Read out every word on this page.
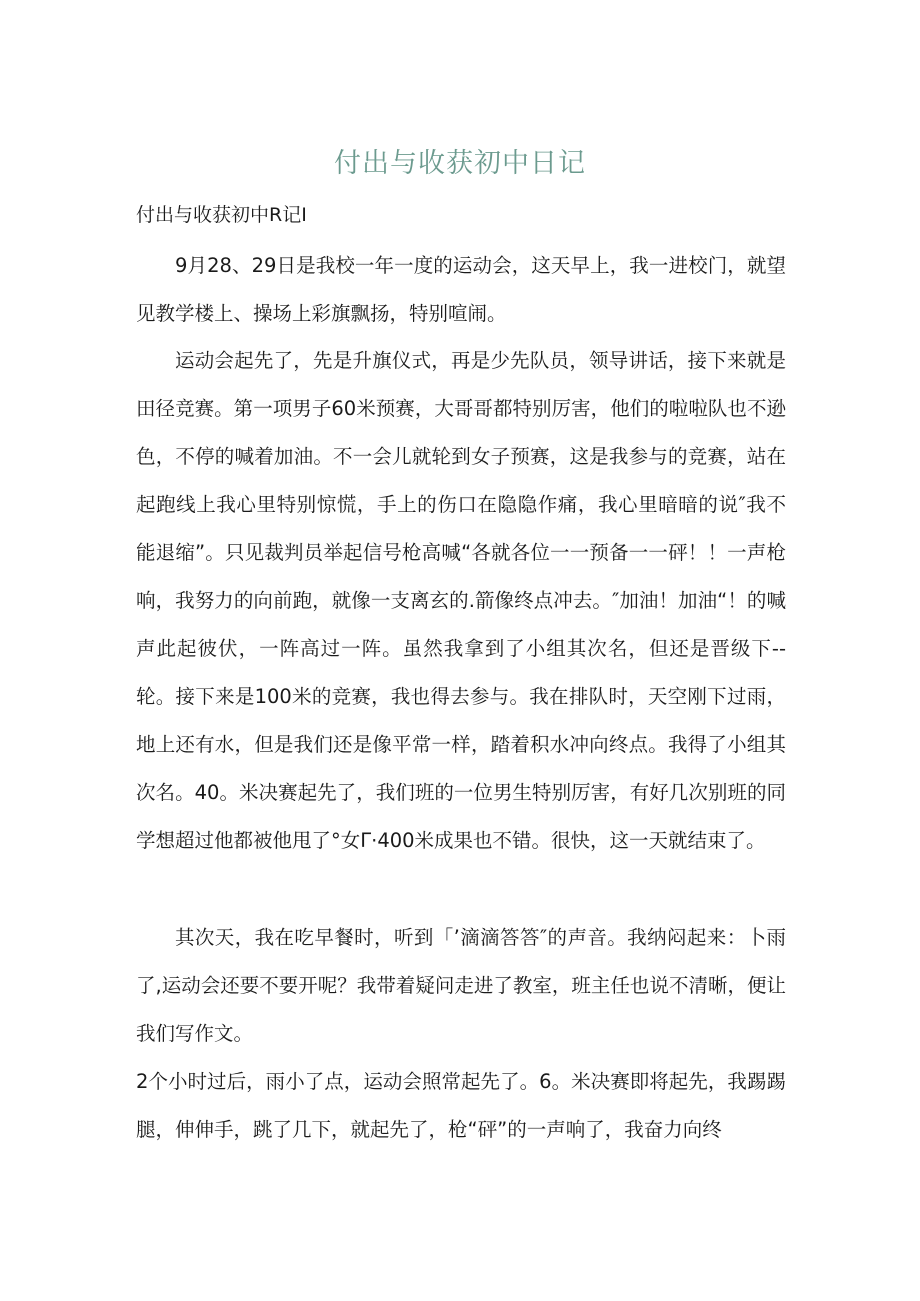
付出与收获初中日记
付出与收获初中R记I
9月28、29日是我校一年一度的运动会，这天早上，我一进校门，就望见教学楼上、操场上彩旗飘扬，特别喧闹。
运动会起先了，先是升旗仪式，再是少先队员，领导讲话，接下来就是田径竞赛。第一项男子60米预赛，大哥哥都特别厉害，他们的啦啦队也不逊色，不停的喊着加油。不一会儿就轮到女子预赛，这是我参与的竞赛，站在起跑线上我心里特别惊慌，手上的伤口在隐隐作痛，我心里暗暗的说″我不能退缩”。只见裁判员举起信号枪高喊“各就各位一一预备一一砰！！一声枪响，我努力的向前跑，就像一支离玄的.箭像终点冲去。″加油！加油“！的喊声此起彼伏，一阵高过一阵。虽然我拿到了小组其次名，但还是晋级下--轮。接下来是100米的竞赛，我也得去参与。我在排队时，天空刚下过雨，地上还有水，但是我们还是像平常一样，踏着积水冲向终点。我得了小组其次名。40。米决赛起先了，我们班的一位男生特别厉害，有好几次别班的同学想超过他都被他甩了°女Γ·400米成果也不错。很快，这一天就结束了。
其次天，我在吃早餐时，听到「’滴滴答答″的声音。我纳闷起来：卜雨了,运动会还要不要开呢？我带着疑问走进了教室，班主任也说不清晰，便让我们写作文。
2个小时过后，雨小了点，运动会照常起先了。6。米决赛即将起先，我踢踢腿，伸伸手，跳了几下，就起先了，枪“砰”的一声响了，我奋力向终
